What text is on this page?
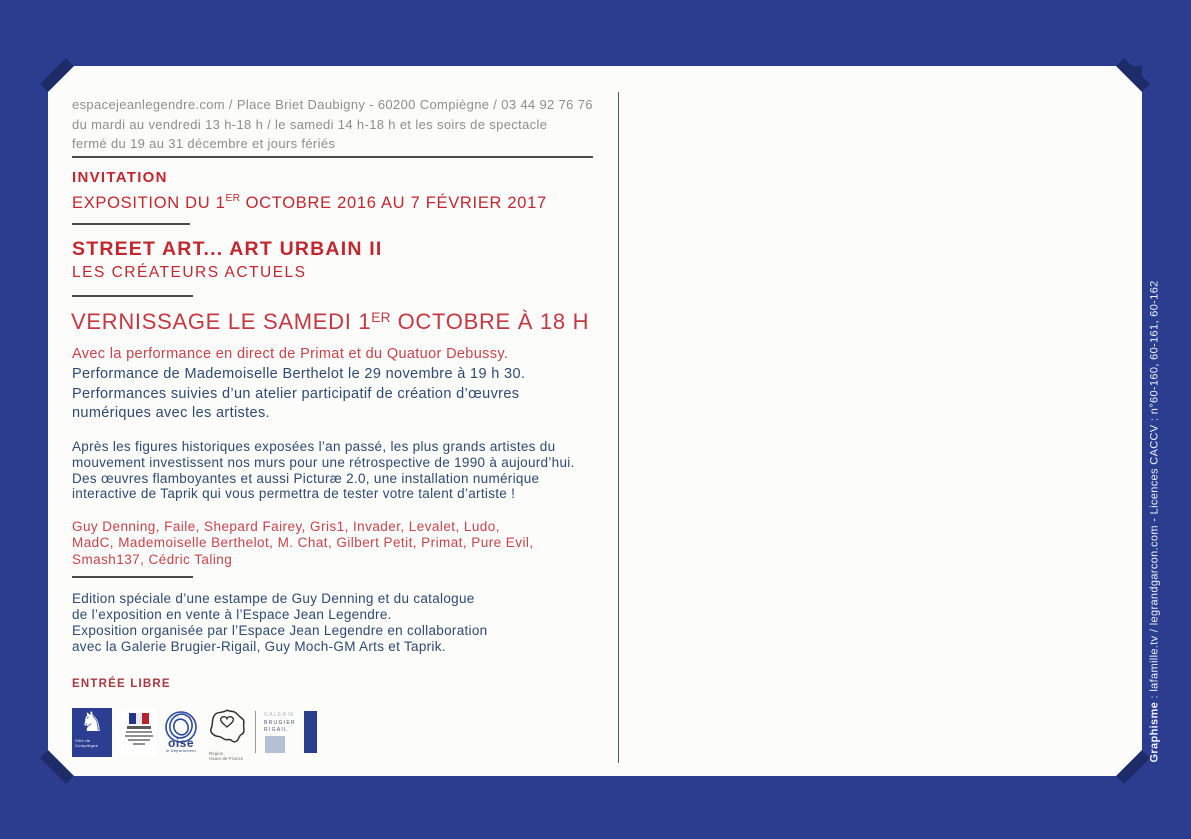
espacejeanlegendre.com / Place Briet Daubigny - 60200 Compiègne / 03 44 92 76 76
du mardi au vendredi 13 h-18 h / le samedi 14 h-18 h et les soirs de spectacle
fermé du 19 au 31 décembre et jours fériés
INVITATION
EXPOSITION DU 1ER OCTOBRE 2016 AU 7 FÉVRIER 2017
STREET ART... ART URBAIN II
LES CRÉATEURS ACTUELS
VERNISSAGE LE SAMEDI 1ER OCTOBRE À 18 H
Avec la performance en direct de Primat et du Quatuor Debussy.
Performance de Mademoiselle Berthelot le 29 novembre à 19 h 30.
Performances suivies d’un atelier participatif de création d’œuvres
numériques avec les artistes.
Après les figures historiques exposées l’an passé, les plus grands artistes du
mouvement investissent nos murs pour une rétrospective de 1990 à aujourd’hui.
Des œuvres flamboyantes et aussi Picturæ 2.0, une installation numérique
interactive de Taprik qui vous permettra de tester votre talent d’artiste !
Guy Denning, Faile, Shepard Fairey, Gris1, Invader, Levalet, Ludo,
MadC, Mademoiselle Berthelot, M. Chat, Gilbert Petit, Primat, Pure Evil,
Smash137, Cédric Taling
Edition spéciale d’une estampe de Guy Denning et du catalogue
de l’exposition en vente à l’Espace Jean Legendre.
Exposition organisée par l’Espace Jean Legendre en collaboration
avec la Galerie Brugier-Rigail, Guy Moch-GM Arts et Taprik.
ENTRÉE LIBRE
♞
Ville de
Compiègne	oise
le Département	Région
Hauts-de-France
GALERIE
BRUGIER
RIGAIL	Graphisme : lafamille.tv / legrandgarcon.com - Licences CACCV : n°60-160, 60-161, 60-162
